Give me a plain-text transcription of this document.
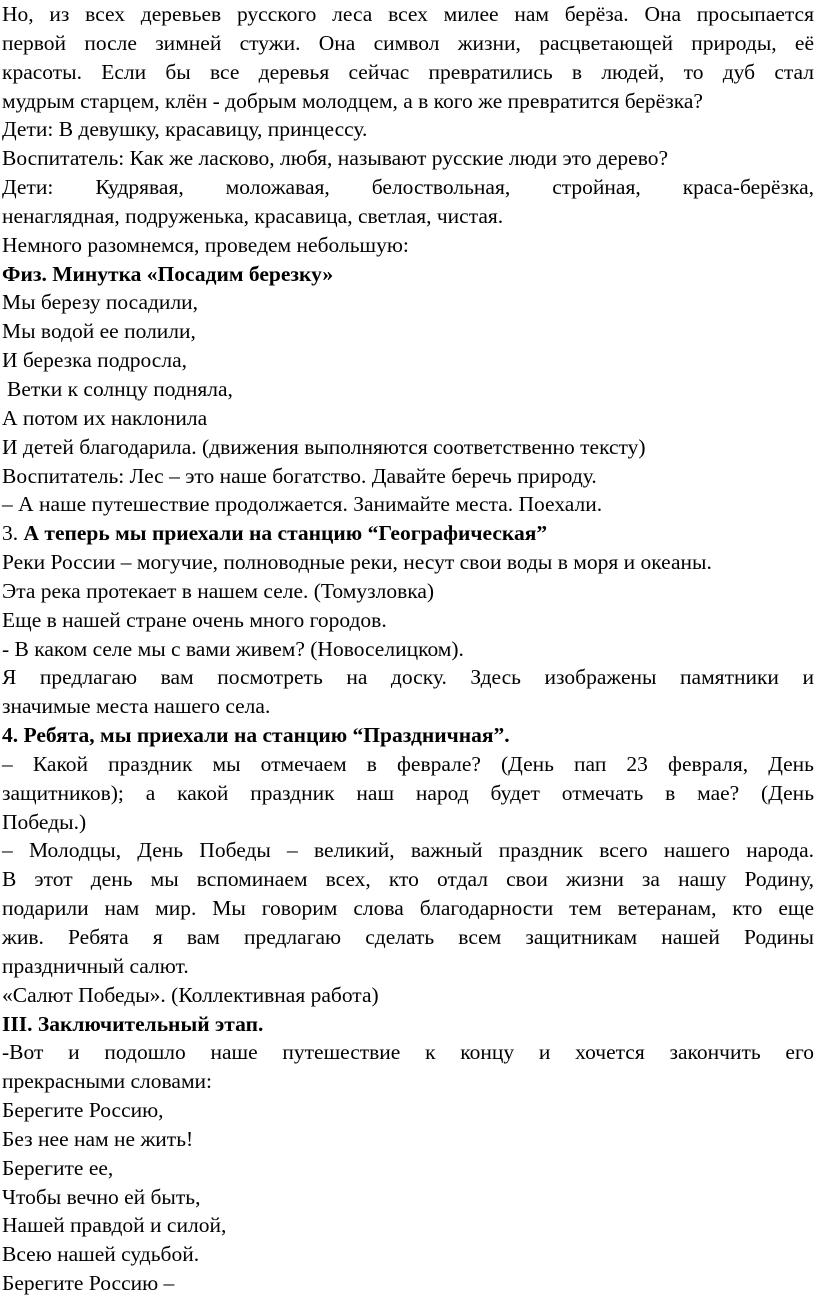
Но, из всех деревьев русского леса всех милее нам берёза. Она просыпается
первой после зимней стужи. Она символ жизни, расцветающей природы, её
красоты. Если бы все деревья сейчас превратились в людей, то дуб стал
мудрым старцем, клён - добрым молодцем, а в кого же превратится берёзка?
Дети: В девушку, красавицу, принцессу.
Воспитатель: Как же ласково, любя, называют русские люди это дерево?
Дети: Кудрявая, моложавая, белоствольная, стройная, краса-берёзка,
ненаглядная, подруженька, красавица, светлая, чистая.
Немного разомнемся, проведем небольшую:
Физ. Минутка «Посадим березку»
Мы березу посадили,
Мы водой ее полили,
И березка подросла,
Ветки к солнцу подняла,
А потом их наклонила
И детей благодарила. (движения выполняются соответственно тексту)
Воспитатель: Лес – это наше богатство. Давайте беречь природу.
– А наше путешествие продолжается. Занимайте места. Поехали.
3. А теперь мы приехали на станцию “Географическая”
Реки России – могучие, полноводные реки, несут свои воды в моря и океаны.
Эта река протекает в нашем селе. (Томузловка)
Еще в нашей стране очень много городов.
- В каком селе мы с вами живем? (Новоселицком).
Я предлагаю вам посмотреть на доску. Здесь изображены памятники и
значимые места нашего села.
4. Ребята, мы приехали на станцию “Праздничная”.
– Какой праздник мы отмечаем в феврале? (День пап 23 февраля, День
защитников); а какой праздник наш народ будет отмечать в мае? (День
Победы.)
– Молодцы, День Победы – великий, важный праздник всего нашего народа.
В этот день мы вспоминаем всех, кто отдал свои жизни за нашу Родину,
подарили нам мир. Мы говорим слова благодарности тем ветеранам, кто еще
жив. Ребята я вам предлагаю сделать всем защитникам нашей Родины
праздничный салют.
«Салют Победы». (Коллективная работа)
III. Заключительный этап.
-Вот и подошло наше путешествие к концу и хочется закончить его
прекрасными словами:
Берегите Россию,
Без нее нам не жить!
Берегите ее,
Чтобы вечно ей быть,
Нашей правдой и силой,
Всею нашей судьбой.
Берегите Россию –
